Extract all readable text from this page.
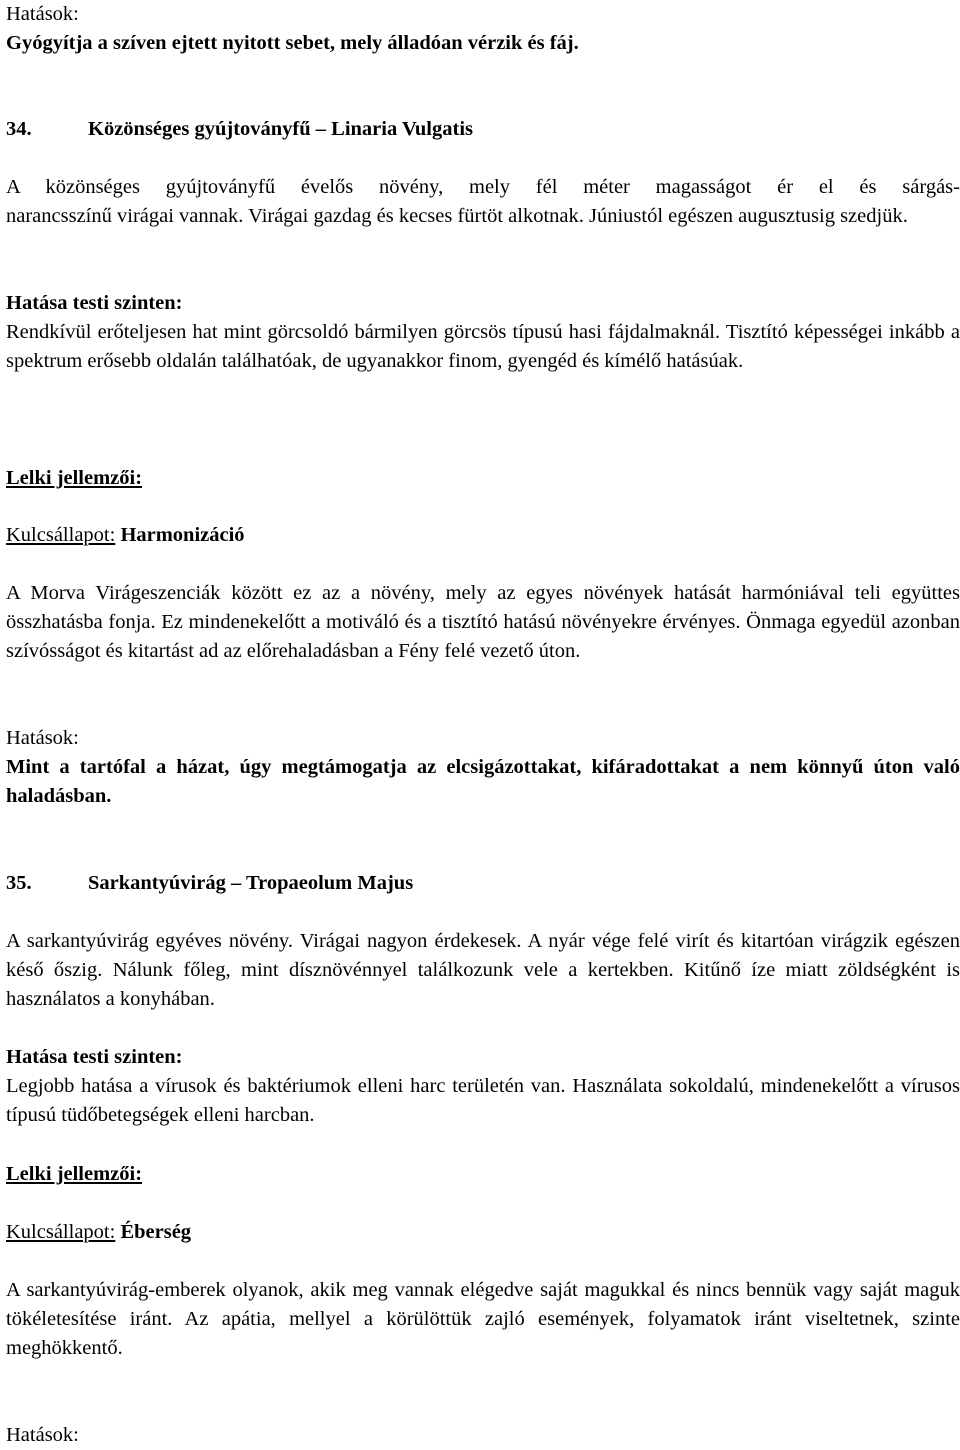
Hatások:
Gyógyítja a szíven ejtett nyitott sebet, mely álladóan vérzik és fáj.
34.	Közönséges gyújtoványfű – Linaria Vulgatis
A közönséges gyújtoványfű évelős növény, mely fél méter magasságot ér el és sárgás-
narancsszínű virágai vannak. Virágai gazdag és kecses fürtöt alkotnak. Júniustól egészen augusztusig szedjük.
Hatása testi szinten:
Rendkívül erőteljesen hat mint görcsoldó bármilyen görcsös típusú hasi fájdalmaknál. Tisztító képességei inkább a spektrum erősebb oldalán találhatóak, de ugyanakkor finom, gyengéd és kímélő hatásúak.
Lelki jellemzői:
Kulcsállapot: Harmonizáció
A Morva Virágeszenciák között ez az a növény, mely az egyes növények hatását harmóniával teli együttes összhatásba fonja. Ez mindenekelőtt a motiváló és a tisztító hatású növényekre érvényes. Önmaga egyedül azonban szívósságot és kitartást ad az előrehaladásban a Fény felé vezető úton.
Hatások:
Mint a tartófal a házat, úgy megtámogatja az elcsigázottakat, kifáradottakat a nem könnyű úton való haladásban.
35.	Sarkantyúvirág – Tropaeolum Majus
A sarkantyúvirág egyéves növény. Virágai nagyon érdekesek. A nyár vége felé virít és kitartóan virágzik egészen késő őszig. Nálunk főleg, mint dísznövénnyel találkozunk vele a kertekben. Kitűnő íze miatt zöldségként is használatos a konyhában.
Hatása testi szinten:
Legjobb hatása a vírusok és baktériumok elleni harc területén van. Használata sokoldalú, mindenekelőtt a vírusos típusú tüdőbetegségek elleni harcban.
Lelki jellemzői:
Kulcsállapot: Éberség
A sarkantyúvirág-emberek olyanok, akik meg vannak elégedve saját magukkal és nincs bennük vagy saját maguk tökéletesítése iránt. Az apátia, mellyel a körülöttük zajló események, folyamatok iránt viseltetnek, szinte meghökkentő.
Hatások:
